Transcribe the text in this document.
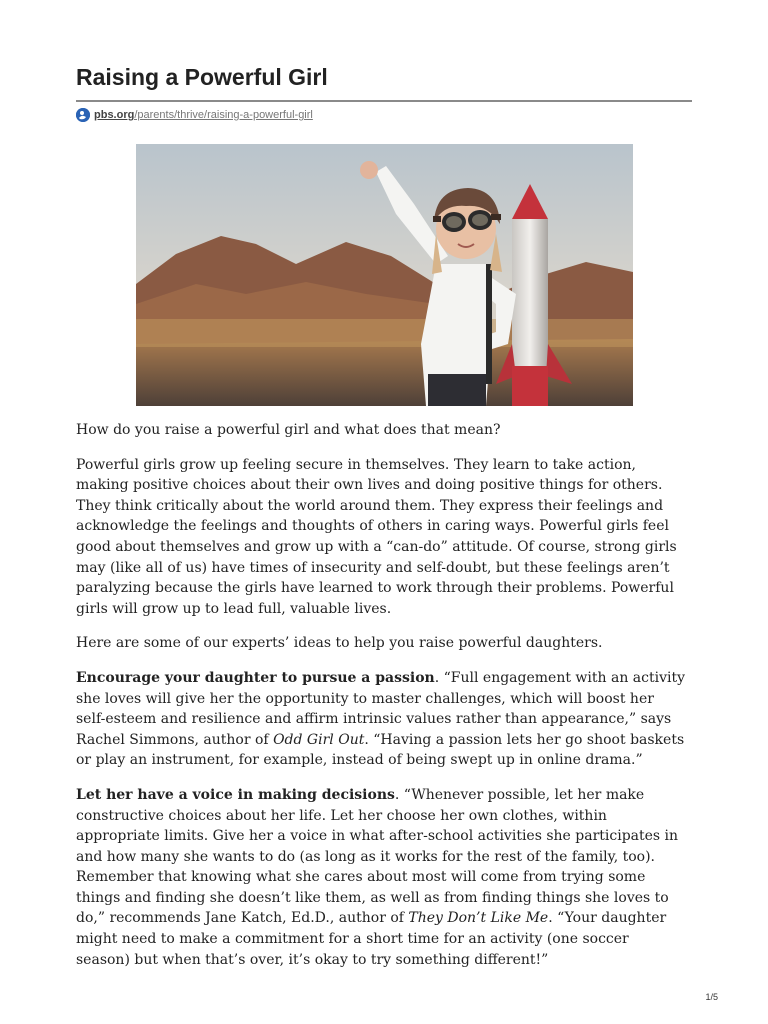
Raising a Powerful Girl
pbs.org /parents/thrive/raising-a-powerful-girl

How do you raise a powerful girl and what does that mean?

Powerful girls grow up feeling secure in themselves. They learn to take action, making positive choices about their own lives and doing positive things for others. They think critically about the world around them. They express their feelings and acknowledge the feelings and thoughts of others in caring ways. Powerful girls feel good about themselves and grow up with a “can-do” attitude. Of course, strong girls may (like all of us) have times of insecurity and self-doubt, but these feelings aren’t paralyzing because the girls have learned to work through their problems. Powerful girls will grow up to lead full, valuable lives.

Here are some of our experts’ ideas to help you raise powerful daughters.

Encourage your daughter to pursue a passion. “Full engagement with an activity she loves will give her the opportunity to master challenges, which will boost her self-esteem and resilience and affirm intrinsic values rather than appearance,” says Rachel Simmons, author of Odd Girl Out. “Having a passion lets her go shoot baskets or play an instrument, for example, instead of being swept up in online drama.”

Let her have a voice in making decisions. “Whenever possible, let her make constructive choices about her life. Let her choose her own clothes, within appropriate limits. Give her a voice in what after-school activities she participates in and how many she wants to do (as long as it works for the rest of the family, too). Remember that knowing what she cares about most will come from trying some things and finding she doesn’t like them, as well as from finding things she loves to do,” recommends Jane Katch, Ed.D., author of They Don’t Like Me. “Your daughter might need to make a commitment for a short time for an activity (one soccer season) but when that’s over, it’s okay to try something different!”

1/5
